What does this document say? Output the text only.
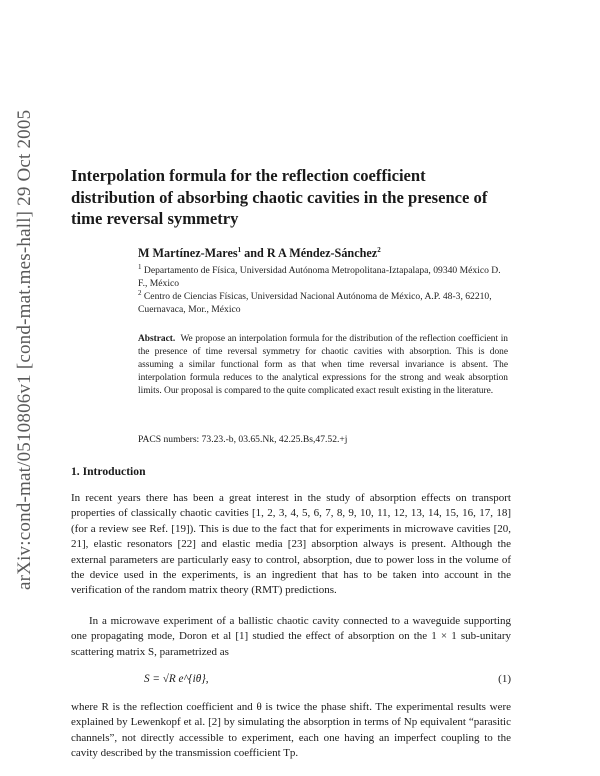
arXiv:cond-mat/0510806v1 [cond-mat.mes-hall] 29 Oct 2005 Interpolation formula for the reflection coefficient distribution of absorbing chaotic cavities in the presence of time reversal symmetry
M Martínez-Mares$^1$ and R A Méndez-Sánchez$^2$
$^1$ Departamento de Física, Universidad Autónoma Metropolitana-Iztapalapa, 09340 México D. F., México
$^2$ Centro de Ciencias Físicas, Universidad Nacional Autónoma de México, A.P. 48-3, 62210, Cuernavaca, Mor., México
Abstract. We propose an interpolation formula for the distribution of the reflection coefficient in the presence of time reversal symmetry for chaotic cavities with absorption. This is done assuming a similar functional form as that when time reversal invariance is absent. The interpolation formula reduces to the analytical expressions for the strong and weak absorption limits. Our proposal is compared to the quite complicated exact result existing in the literature.
PACS numbers: 73.23.-b, 03.65.Nk, 42.25.Bs,47.52.+j
1. Introduction
In recent years there has been a great interest in the study of absorption effects on transport properties of classically chaotic cavities [1, 2, 3, 4, 5, 6, 7, 8, 9, 10, 11, 12, 13, 14, 15, 16, 17, 18] (for a review see Ref. [19]). This is due to the fact that for experiments in microwave cavities [20, 21], elastic resonators [22] and elastic media [23] absorption always is present. Although the external parameters are particularly easy to control, absorption, due to power loss in the volume of the device used in the experiments, is an ingredient that has to be taken into account in the verification of the random matrix theory (RMT) predictions.
In a microwave experiment of a ballistic chaotic cavity connected to a waveguide supporting one propagating mode, Doron et al [1] studied the effect of absorption on the 1 × 1 sub-unitary scattering matrix S, parametrized as
S = √R e^{iθ},	(1)
where R is the reflection coefficient and θ is twice the phase shift. The experimental results were explained by Lewenkopf et al. [2] by simulating the absorption in terms of Np equivalent “parasitic channels”, not directly accessible to experiment, each one having an imperfect coupling to the cavity described by the transmission coefficient Tp.
